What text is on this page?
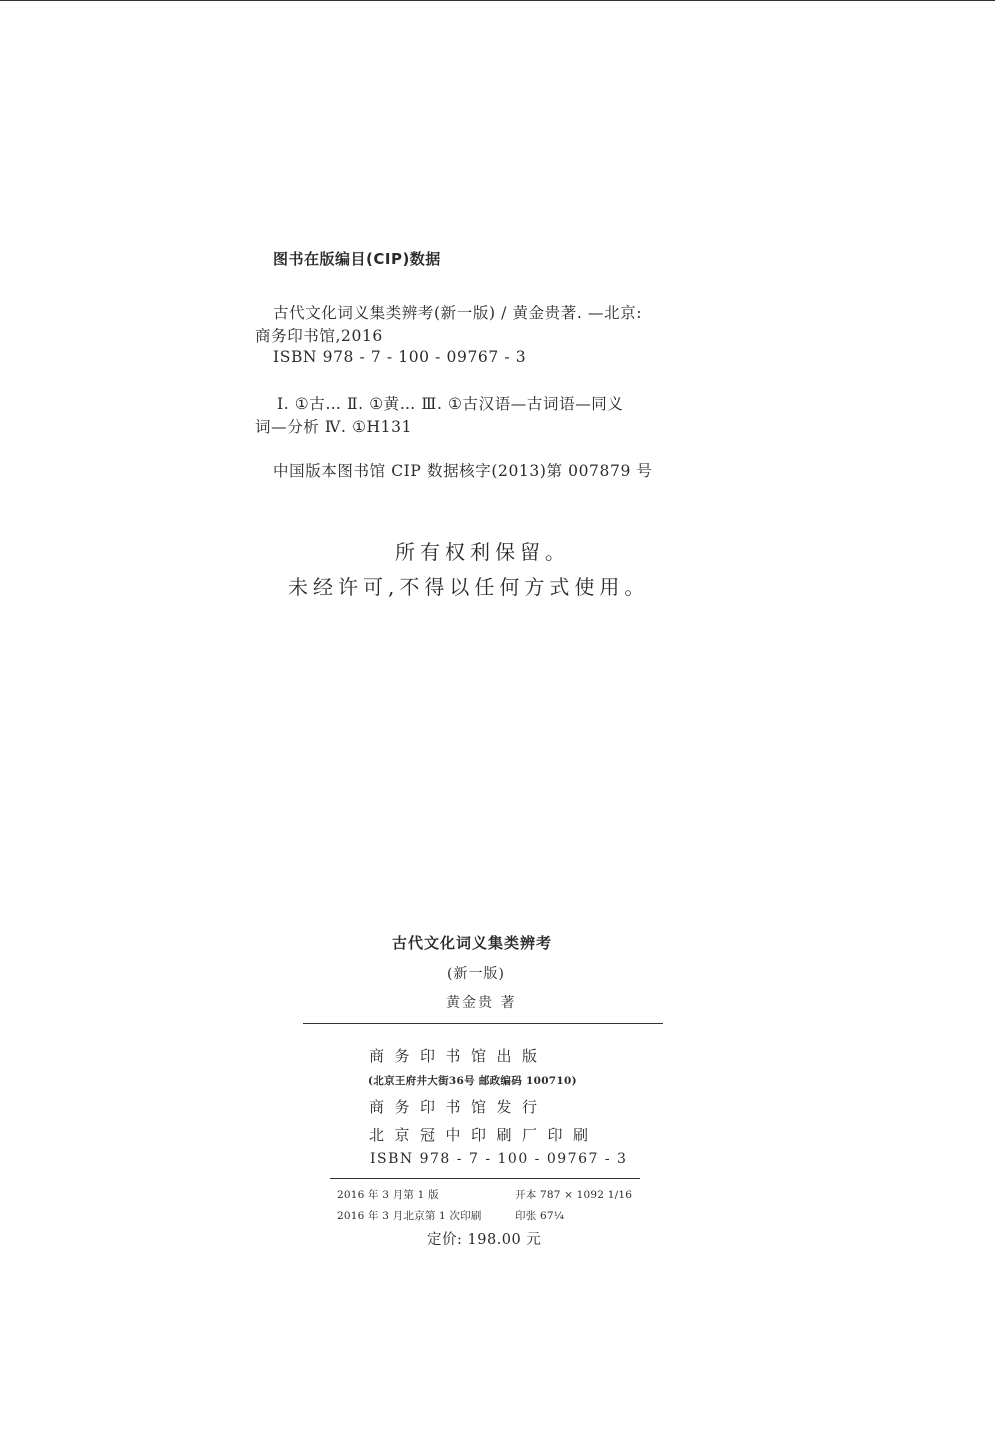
图书在版编目(CIP)数据
古代文化词义集类辨考(新一版) / 黄金贵著. —北京:
商务印书馆,2016
ISBN 978 - 7 - 100 - 09767 - 3
Ⅰ. ①古… Ⅱ. ①黄… Ⅲ. ①古汉语—古词语—同义
词—分析 Ⅳ. ①H131
中国版本图书馆 CIP 数据核字(2013)第 007879 号
所有权利保留。
未经许可,不得以任何方式使用。
古代文化词义集类辨考
(新一版)
黄金贵 著
商务印书馆出版
(北京王府井大街36号 邮政编码 100710)
商务印书馆发行
北京冠中印刷厂印刷
ISBN 978 - 7 - 100 - 09767 - 3
2016 年 3 月第 1 版	开本 787 × 1092 1/16
2016 年 3 月北京第 1 次印刷	印张 67¼
定价: 198.00 元
